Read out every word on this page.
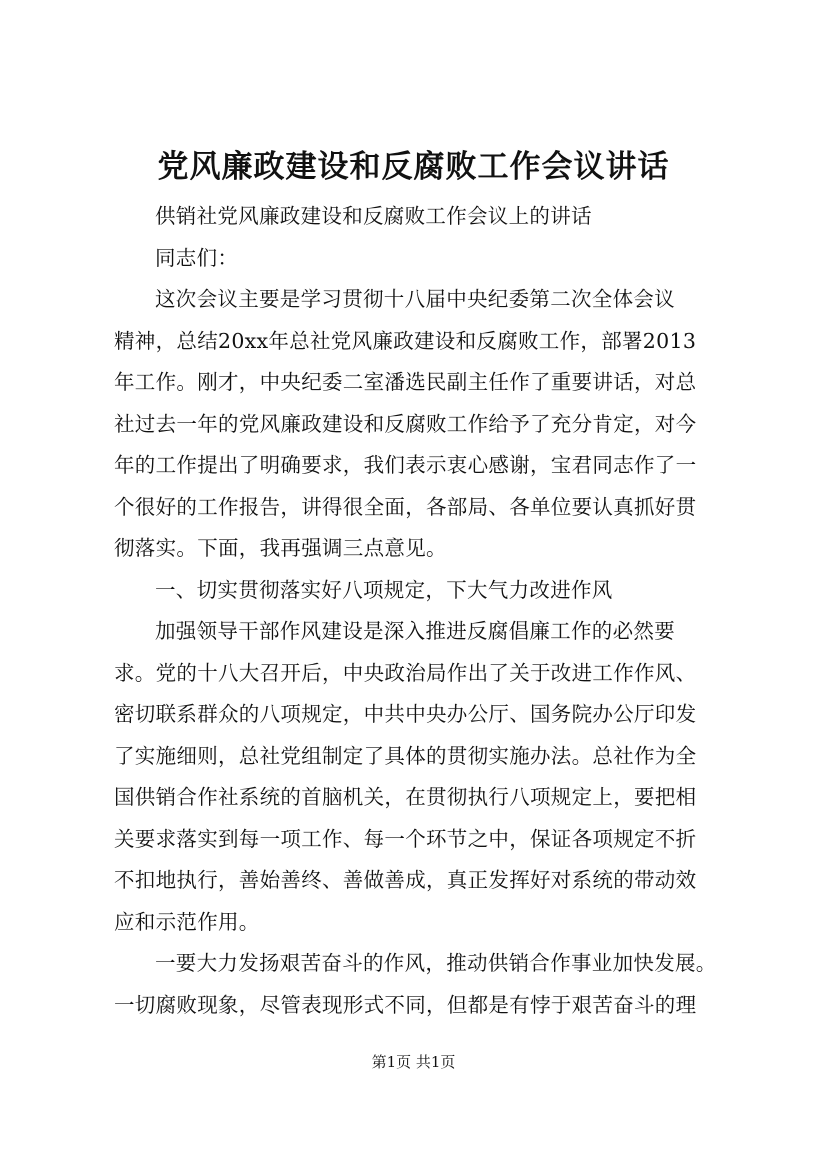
党风廉政建设和反腐败工作会议讲话
供销社党风廉政建设和反腐败工作会议上的讲话
同志们：
这次会议主要是学习贯彻十八届中央纪委第二次全体会议
精神，总结20xx年总社党风廉政建设和反腐败工作，部署2013
年工作。刚才，中央纪委二室潘选民副主任作了重要讲话，对总
社过去一年的党风廉政建设和反腐败工作给予了充分肯定，对今
年的工作提出了明确要求，我们表示衷心感谢，宝君同志作了一
个很好的工作报告，讲得很全面，各部局、各单位要认真抓好贯
彻落实。下面，我再强调三点意见。
一、切实贯彻落实好八项规定，下大气力改进作风
加强领导干部作风建设是深入推进反腐倡廉工作的必然要
求。党的十八大召开后，中央政治局作出了关于改进工作作风、
密切联系群众的八项规定，中共中央办公厅、国务院办公厅印发
了实施细则，总社党组制定了具体的贯彻实施办法。总社作为全
国供销合作社系统的首脑机关，在贯彻执行八项规定上，要把相
关要求落实到每一项工作、每一个环节之中，保证各项规定不折
不扣地执行，善始善终、善做善成，真正发挥好对系统的带动效
应和示范作用。
一要大力发扬艰苦奋斗的作风，推动供销合作事业加快发展。
一切腐败现象，尽管表现形式不同，但都是有悖于艰苦奋斗的理
第1页 共1页
